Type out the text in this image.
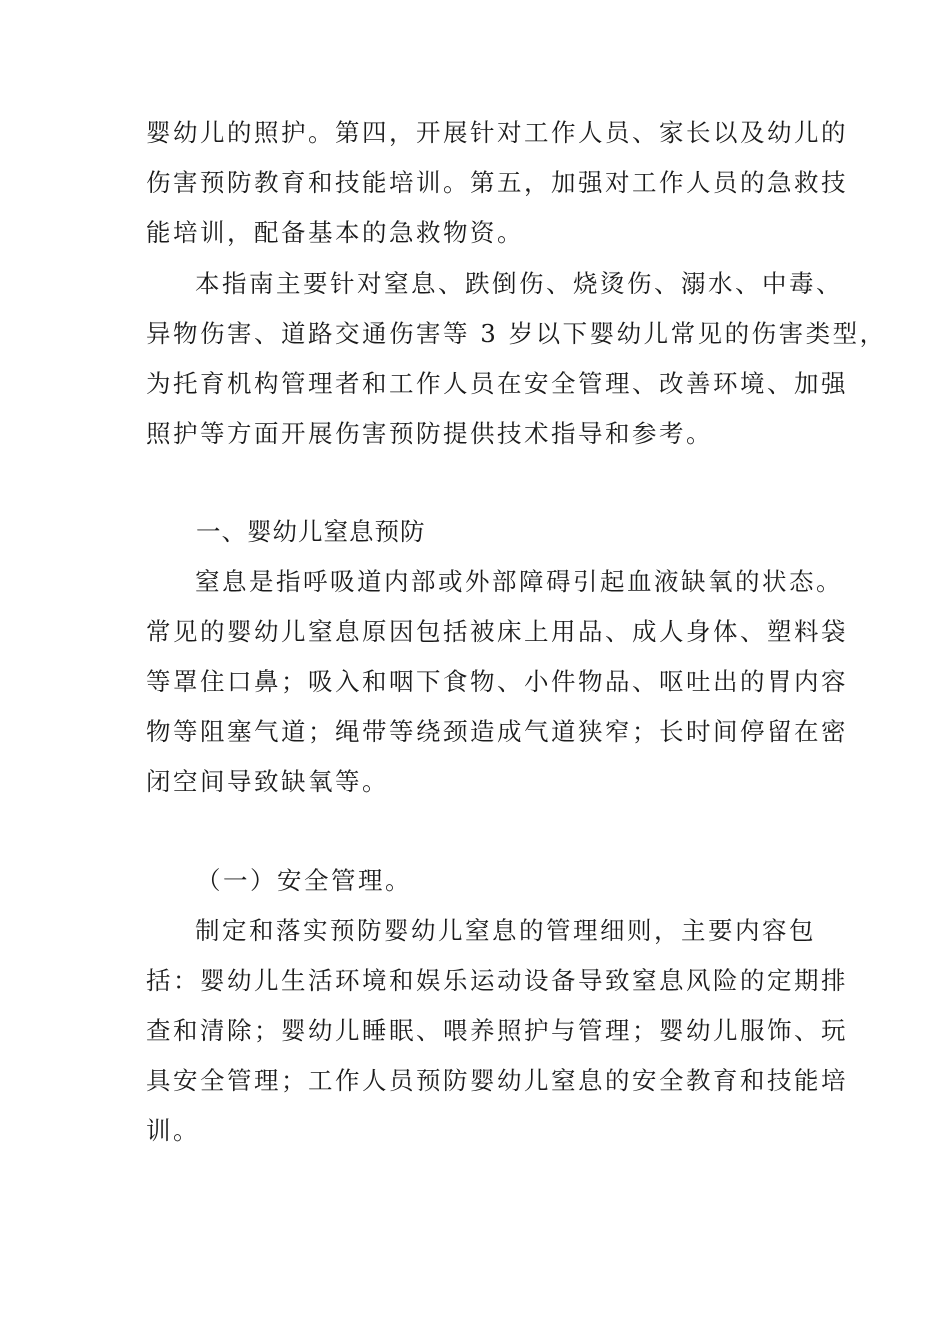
婴幼儿的照护。第四，开展针对工作人员、家长以及幼儿的
伤害预防教育和技能培训。第五，加强对工作人员的急救技
能培训，配备基本的急救物资。
本指南主要针对窒息、跌倒伤、烧烫伤、溺水、中毒、
异物伤害、道路交通伤害等 3 岁以下婴幼儿常见的伤害类型，
为托育机构管理者和工作人员在安全管理、改善环境、加强
照护等方面开展伤害预防提供技术指导和参考。
一、婴幼儿窒息预防
窒息是指呼吸道内部或外部障碍引起血液缺氧的状态。
常见的婴幼儿窒息原因包括被床上用品、成人身体、塑料袋
等罩住口鼻；吸入和咽下食物、小件物品、呕吐出的胃内容
物等阻塞气道；绳带等绕颈造成气道狭窄；长时间停留在密
闭空间导致缺氧等。
（一）安全管理。
制定和落实预防婴幼儿窒息的管理细则，主要内容包
括：婴幼儿生活环境和娱乐运动设备导致窒息风险的定期排
查和清除；婴幼儿睡眠、喂养照护与管理；婴幼儿服饰、玩
具安全管理；工作人员预防婴幼儿窒息的安全教育和技能培
训。
